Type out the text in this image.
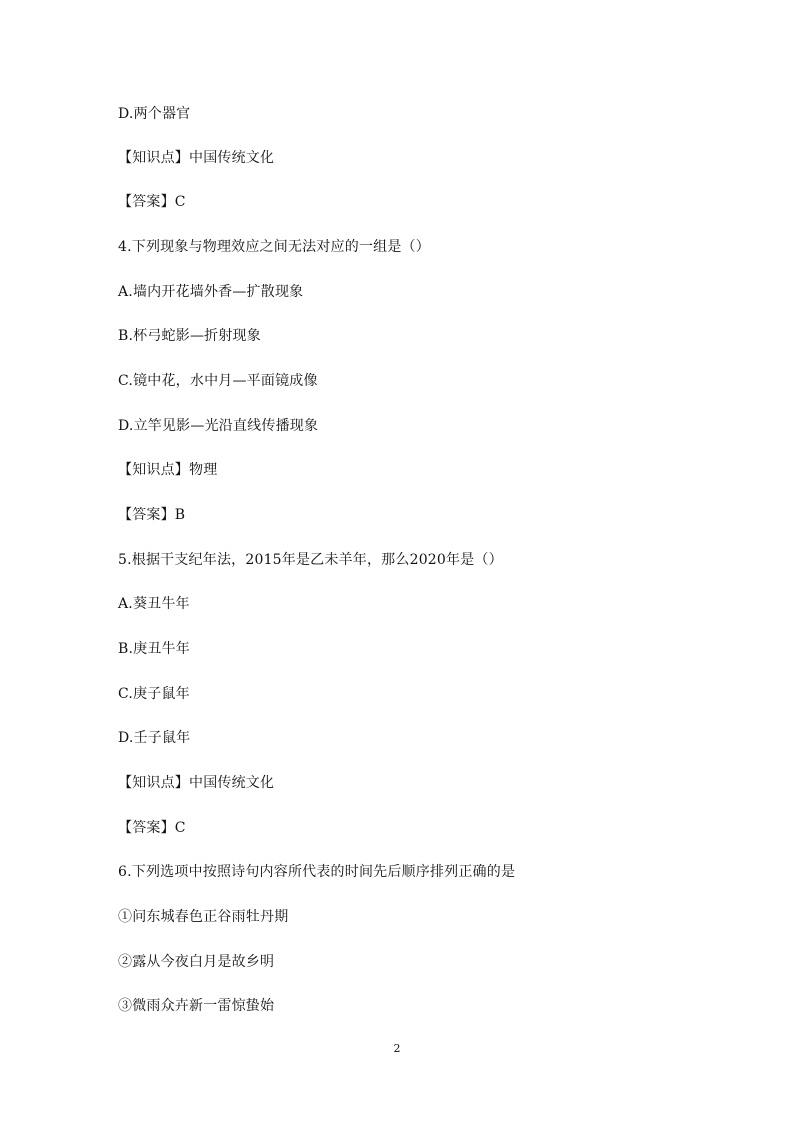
D.两个器官
【知识点】中国传统文化
【答案】C
4.下列现象与物理效应之间无法对应的一组是（）
A.墙内开花墙外香—扩散现象
B.杯弓蛇影—折射现象
C.镜中花，水中月—平面镜成像
D.立竿见影—光沿直线传播现象
【知识点】物理
【答案】B
5.根据干支纪年法，2015年是乙未羊年，那么2020年是（）
A.葵丑牛年
B.庚丑牛年
C.庚子鼠年
D.壬子鼠年
【知识点】中国传统文化
【答案】C
6.下列选项中按照诗句内容所代表的时间先后顺序排列正确的是
①问东城春色正谷雨牡丹期
②露从今夜白月是故乡明
③微雨众卉新一雷惊蛰始
2
